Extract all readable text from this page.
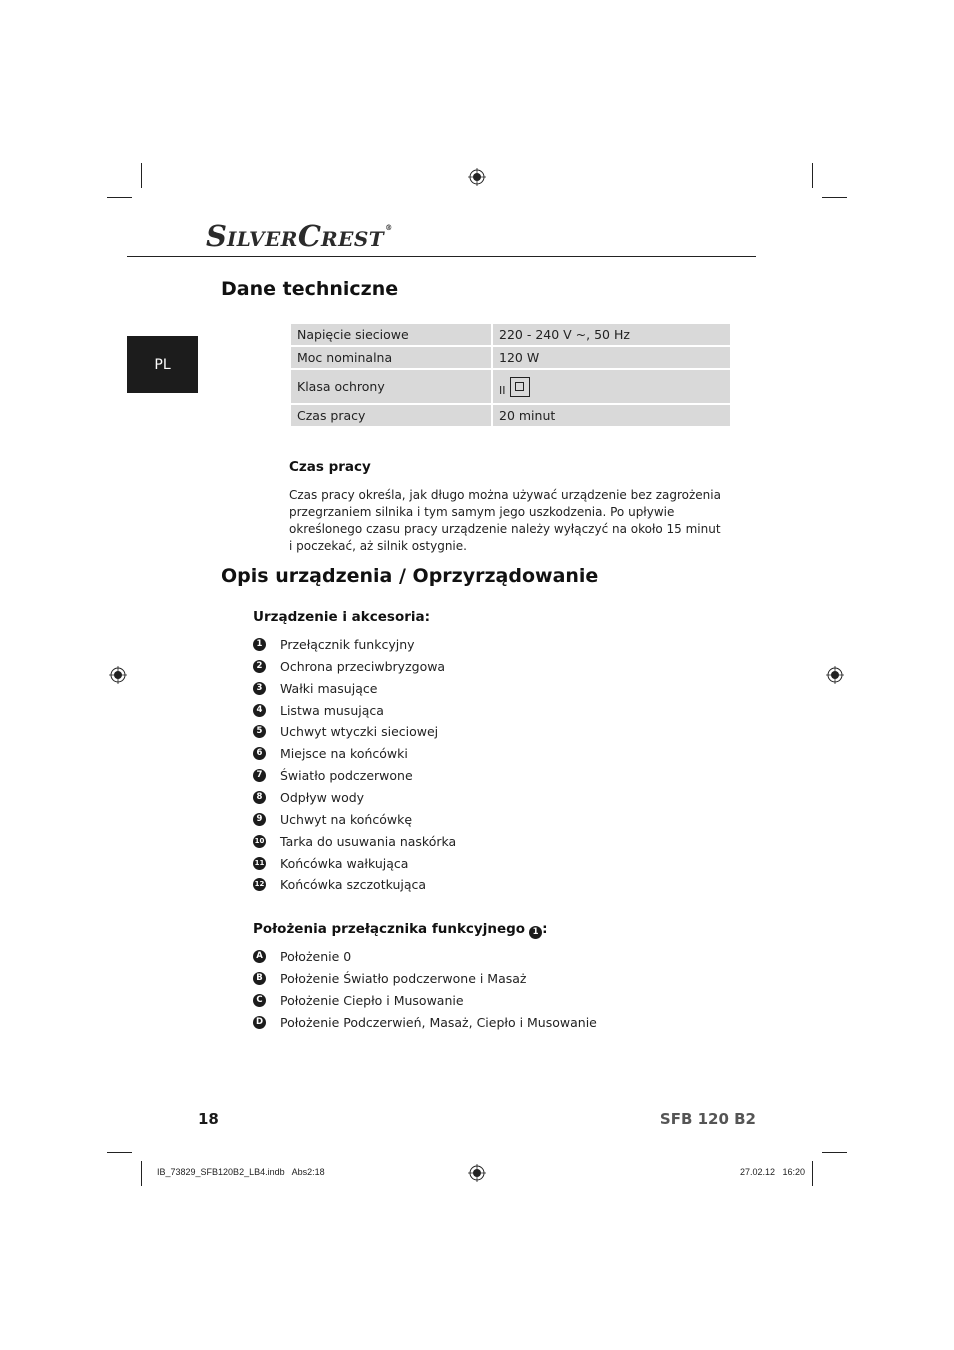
SILVERCREST®
PL
Dane techniczne
Napięcie sieciowe	220 - 240 V ~, 50 Hz
Moc nominalna	120 W
Klasa ochrony	II

Czas pracy	20 minut
Czas pracy
Czas pracy określa, jak długo można używać urządzenie bez zagrożenia przegrzaniem silnika i tym samym jego uszkodzenia. Po upływie określonego czasu pracy urządzenie należy wyłączyć na około 15 minut i poczekać, aż silnik ostygnie.
Opis urządzenia / Oprzyrządowanie
Urządzenie i akcesoria:
1 Przełącznik funkcyjny
2 Ochrona przeciwbryzgowa
3 Wałki masujące
4 Listwa musująca
5 Uchwyt wtyczki sieciowej
6 Miejsce na końcówki
7 Światło podczerwone
8 Odpływ wody
9 Uchwyt na końcówkę
10 Tarka do usuwania naskórka
11 Końcówka wałkująca
12 Końcówka szczotkująca
Położenia przełącznika funkcyjnego 1 :
A Położenie 0
B Położenie Światło podczerwone i Masaż
C Położenie Ciepło i Musowanie
D Położenie Podczerwień, Masaż, Ciepło i Musowanie
18	SFB 120 B2
IB_73829_SFB120B2_LB4.indb   Abs2:18	27.02.12   16:20
